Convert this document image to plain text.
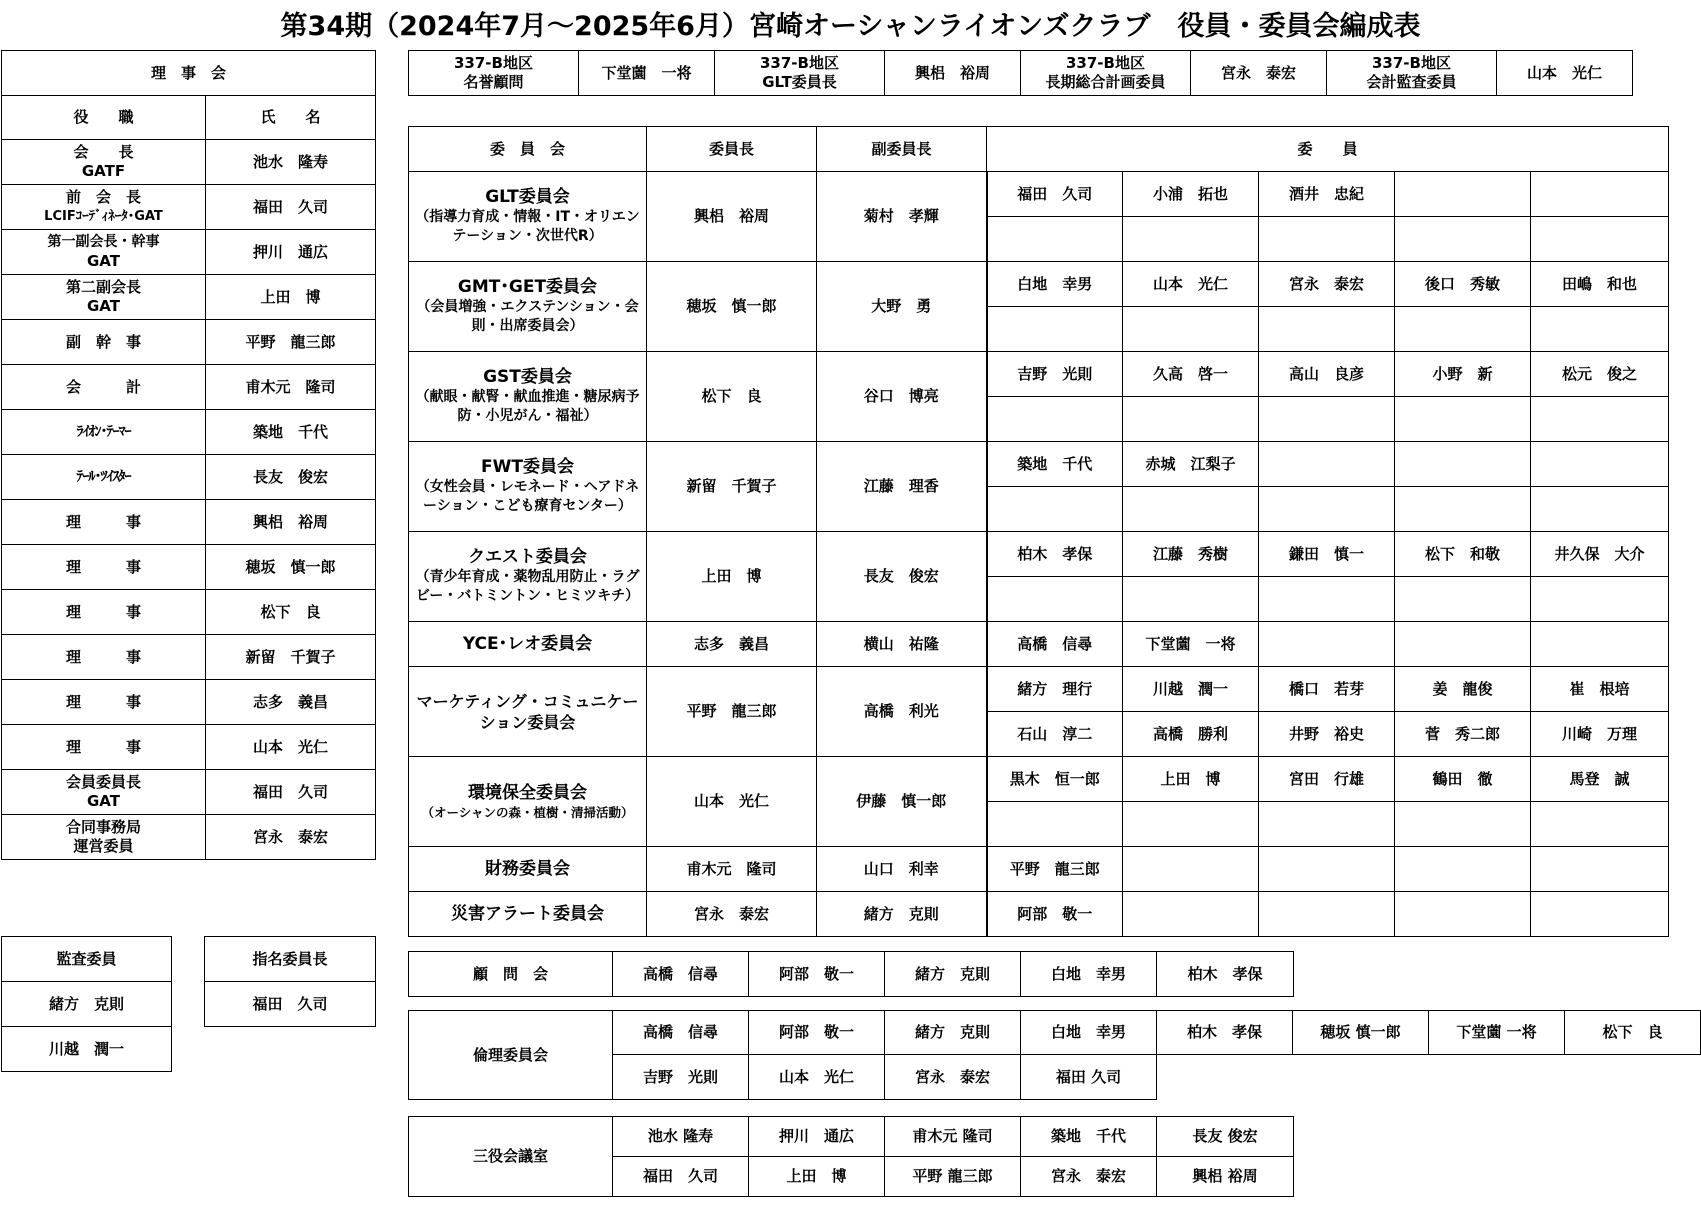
第34期（2024年7月～2025年6月）宮崎オーシャンライオンズクラブ　役員・委員会編成表
理　事　会	
役　　職	氏　　名

会　　長
GATF	池水　隆寿

前　会　長
LCIFｺｰﾃﾞｨﾈｰﾀ･GAT	福田　久司

第一副会長・幹事
GAT	押川　通広

第二副会長
GAT	上田　博

副　幹　事	平野　龍三郎

会　　　計	甫木元　隆司

ﾗｲｵﾝ･ﾃｰﾏｰ	築地　千代

ﾃｰﾙ･ﾂｲｽﾀｰ	長友　俊宏

理　　　事	興梠　裕周

理　　　事	穂坂　慎一郎

理　　　事	松下　良

理　　　事	新留　千賀子

理　　　事	志多　義昌

理　　　事	山本　光仁

会員委員長
GAT	福田　久司

合同事務局
運営委員	宮永　泰宏
337-B地区
名誉顧問
	下堂薗　一将	
337-B地区
GLT委員長
	興梠　裕周	
337-B地区
長期総合計画委員
	宮永　泰宏	
337-B地区
会計監査委員
	山本　光仁
委　員　会	委員長	副委員長	委　　員				

GLT委員会
（指導力育成・情報・IT・オリエンテーション・次世代R）	興梠　裕周	菊村　孝輝	福田　久司	小浦　拓也	酒井　忠紀		

GMT･GET委員会
（会員増強・エクステンション・会則・出席委員会）	穂坂　慎一郎	大野　勇	白地　幸男	山本　光仁	宮永　泰宏	後口　秀敏	田嶋　和也

GST委員会
（献眼・献腎・献血推進・糖尿病予防・小児がん・福祉）	松下　良	谷口　博亮	吉野　光則	久高　啓一	高山　良彦	小野　新	松元　俊之

FWT委員会
（女性会員・レモネード・ヘアドネーション・こども療育センター）	新留　千賀子	江藤　理香	築地　千代	赤城　江梨子			

クエスト委員会
（青少年育成・薬物乱用防止・ラグビー・バトミントン・ヒミツキチ）	上田　博	長友　俊宏	柏木　孝保	江藤　秀樹	鎌田　慎一	松下　和敬	井久保　大介

YCE･レオ委員会	志多　義昌	横山　祐隆	高橋　信尋	下堂薗　一将			

マーケティング・コミュニケーション委員会	平野　龍三郎	高橋　利光	緒方　理行	川越　潤一	橋口　若芽	姜　龍俊	崔　根培
			石山　淳二	高橋　勝利	井野　裕史	菅　秀二郎	川崎　万理

環境保全委員会
（オーシャンの森・植樹・清掃活動）	山本　光仁	伊藤　慎一郎	黒木　恒一郎	上田　博	宮田　行雄	鶴田　徹	馬登　誠

財務委員会	甫木元　隆司	山口　利幸	平野　龍三郎				

災害アラート委員会	宮永　泰宏	緒方　克則	阿部　敬一				
監査委員
緒方　克則
川越　潤一
指名委員長
福田　久司
顧　問　会	高橋　信尋	阿部　敬一	緒方　克則	白地　幸男	柏木　孝保
倫理委員会	高橋　信尋	阿部　敬一	緒方　克則	白地　幸男	柏木　孝保	穂坂 慎一郎	下堂薗 一将	松下　良
	吉野　光則	山本　光仁	宮永　泰宏	福田 久司				
三役会議室	池水 隆寿	押川　通広	甫木元 隆司	築地　千代	長友 俊宏
	福田　久司	上田　博	平野 龍三郎	宮永　泰宏	興梠 裕周
